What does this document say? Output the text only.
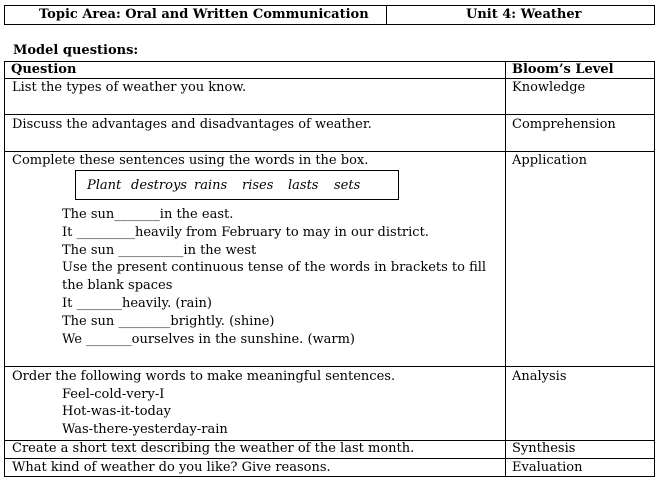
Topic Area: Oral and Written Communication	Unit 4: Weather
Model questions:
Question	Bloom’s Level
List the types of weather you know.	Knowledge
Discuss the advantages and disadvantages of weather.	Comprehension
Complete these sentences using the words in the box.	Application
Plant destroys rains rises lasts sets
The sun_______in the east.
It _________heavily from February to may in our district.
The sun __________in the west
Use the present continuous tense of the words in brackets to fill
the blank spaces
It _______heavily. (rain)
The sun ________brightly. (shine)
We _______ourselves in the sunshine. (warm)
Order the following words to make meaningful sentences.	Analysis
Feel-cold-very-I
Hot-was-it-today
Was-there-yesterday-rain
Create a short text describing the weather of the last month.	Synthesis
What kind of weather do you like? Give reasons.	Evaluation
